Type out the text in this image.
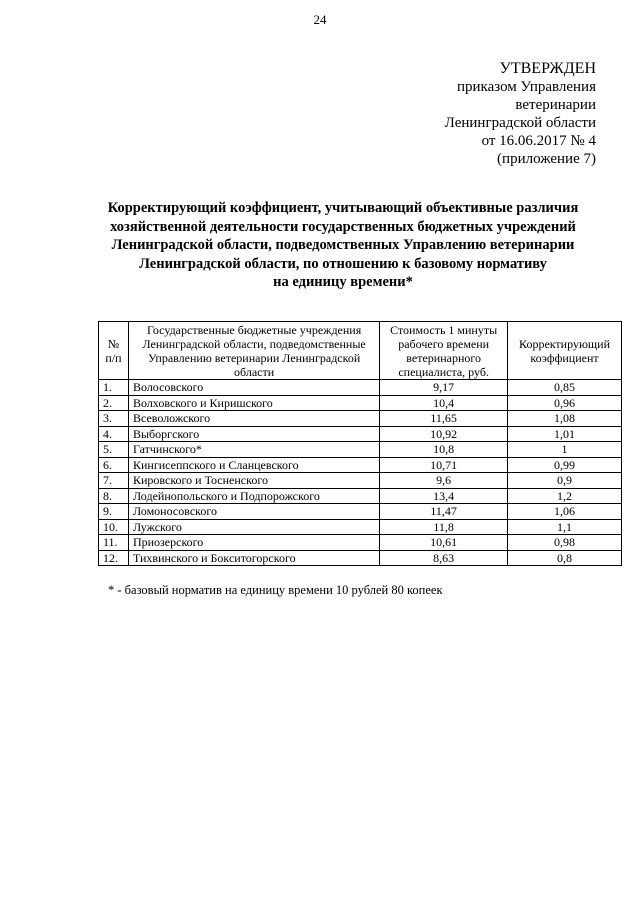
24
УТВЕРЖДЕН
приказом Управления
ветеринарии
Ленинградской области
от 16.06.2017 № 4
(приложение 7)
Корректирующий коэффициент, учитывающий объективные различия
хозяйственной деятельности государственных бюджетных учреждений
Ленинградской области, подведомственных Управлению ветеринарии
Ленинградской области, по отношению к базовому нормативу
на единицу времени*
№ п/п	Государственные бюджетные учреждения Ленинградской области, подведомственные Управлению ветеринарии Ленинградской области	Стоимость 1 минуты рабочего времени ветеринарного специалиста, руб.	Корректирующий коэффициент
1.	Волосовского	9,17	0,85
2.	Волховского и Киришского	10,4	0,96
3.	Всеволожского	11,65	1,08
4.	Выборгского	10,92	1,01
5.	Гатчинского*	10,8	1
6.	Кингисеппского и Сланцевского	10,71	0,99
7.	Кировского и Тосненского	9,6	0,9
8.	Лодейнопольского и Подпорожского	13,4	1,2
9.	Ломоносовского	11,47	1,06
10.	Лужского	11,8	1,1
11.	Приозерского	10,61	0,98
12.	Тихвинского и Бокситогорского	8,63	0,8
* - базовый норматив на единицу времени 10 рублей 80 копеек
